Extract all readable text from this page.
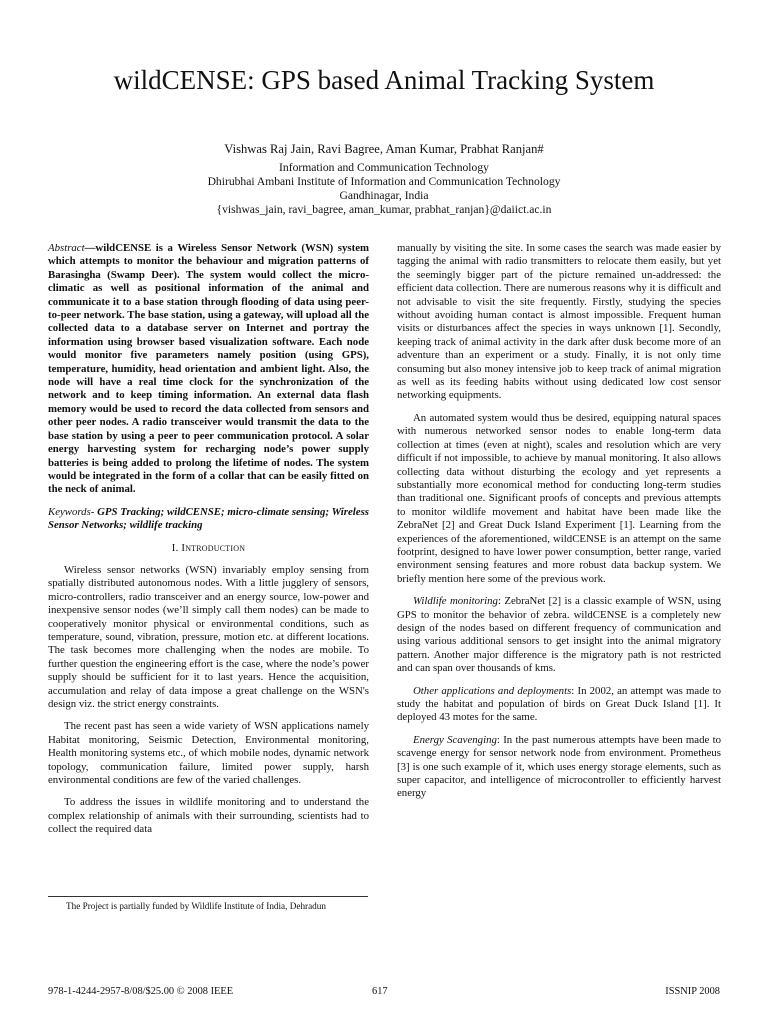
wildCENSE: GPS based Animal Tracking System
Vishwas Raj Jain, Ravi Bagree, Aman Kumar, Prabhat Ranjan#
Information and Communication Technology
Dhirubhai Ambani Institute of Information and Communication Technology
Gandhinagar, India
{vishwas_jain, ravi_bagree, aman_kumar, prabhat_ranjan}@daiict.ac.in

Abstract—wildCENSE is a Wireless Sensor Network (WSN) system which attempts to monitor the behaviour and migration patterns of Barasingha (Swamp Deer). The system would collect the micro-climatic as well as positional information of the animal and communicate it to a base station through flooding of data using peer-to-peer network. The base station, using a gateway, will upload all the collected data to a database server on Internet and portray the information using browser based visualization software. Each node would monitor five parameters namely position (using GPS), temperature, humidity, head orientation and ambient light. Also, the node will have a real time clock for the synchronization of the network and to keep timing information. An external data flash memory would be used to record the data collected from sensors and other peer nodes. A radio transceiver would transmit the data to the base station by using a peer to peer communication protocol. A solar energy harvesting system for recharging node’s power supply batteries is being added to prolong the lifetime of nodes. The system would be integrated in the form of a collar that can be easily fitted on the neck of animal.

Keywords- GPS Tracking; wildCENSE; micro-climate sensing; Wireless Sensor Networks; wildlife tracking

I. Introduction

Wireless sensor networks (WSN) invariably employ sensing from spatially distributed autonomous nodes. With a little jugglery of sensors, micro-controllers, radio transceiver and an energy source, low-power and inexpensive sensor nodes (we’ll simply call them nodes) can be made to cooperatively monitor physical or environmental conditions, such as temperature, sound, vibration, pressure, motion etc. at different locations. The task becomes more challenging when the nodes are mobile. To further question the engineering effort is the case, where the node’s power supply should be sufficient for it to last years. Hence the acquisition, accumulation and relay of data impose a great challenge on the WSN's design viz. the strict energy constraints.

The recent past has seen a wide variety of WSN applications namely Habitat monitoring, Seismic Detection, Environmental monitoring, Health monitoring systems etc., of which mobile nodes, dynamic network topology, communication failure, limited power supply, harsh environmental conditions are few of the varied challenges.

To address the issues in wildlife monitoring and to understand the complex relationship of animals with their surrounding, scientists had to collect the required data

manually by visiting the site. In some cases the search was made easier by tagging the animal with radio transmitters to relocate them easily, but yet the seemingly bigger part of the picture remained un-addressed: the efficient data collection. There are numerous reasons why it is difficult and not advisable to visit the site frequently. Firstly, studying the species without avoiding human contact is almost impossible. Frequent human visits or disturbances affect the species in ways unknown [1]. Secondly, keeping track of animal activity in the dark after dusk become more of an adventure than an experiment or a study. Finally, it is not only time consuming but also money intensive job to keep track of animal migration as well as its feeding habits without using dedicated low cost sensor networking equipments.

An automated system would thus be desired, equipping natural spaces with numerous networked sensor nodes to enable long-term data collection at times (even at night), scales and resolution which are very difficult if not impossible, to achieve by manual monitoring. It also allows collecting data without disturbing the ecology and yet represents a substantially more economical method for conducting long-term studies than traditional one. Significant proofs of concepts and previous attempts to monitor wildlife movement and habitat have been made like the ZebraNet [2] and Great Duck Island Experiment [1]. Learning from the experiences of the aforementioned, wildCENSE is an attempt on the same footprint, designed to have lower power consumption, better range, varied environment sensing features and more robust data backup system. We briefly mention here some of the previous work.

Wildlife monitoring: ZebraNet [2] is a classic example of WSN, using GPS to monitor the behavior of zebra. wildCENSE is a completely new design of the nodes based on different frequency of communication and using various additional sensors to get insight into the animal migratory pattern. Another major difference is the migratory path is not restricted and can span over thousands of kms.

Other applications and deployments: In 2002, an attempt was made to study the habitat and population of birds on Great Duck Island [1]. It deployed 43 motes for the same.

Energy Scavenging: In the past numerous attempts have been made to scavenge energy for sensor network node from environment. Prometheus [3] is one such example of it, which uses energy storage elements, such as super capacitor, and intelligence of microcontroller to efficiently harvest energy

The Project is partially funded by Wildlife Institute of India, Dehradun
978-1-4244-2957-8/08/$25.00 © 2008 IEEE	617	ISSNIP 2008
